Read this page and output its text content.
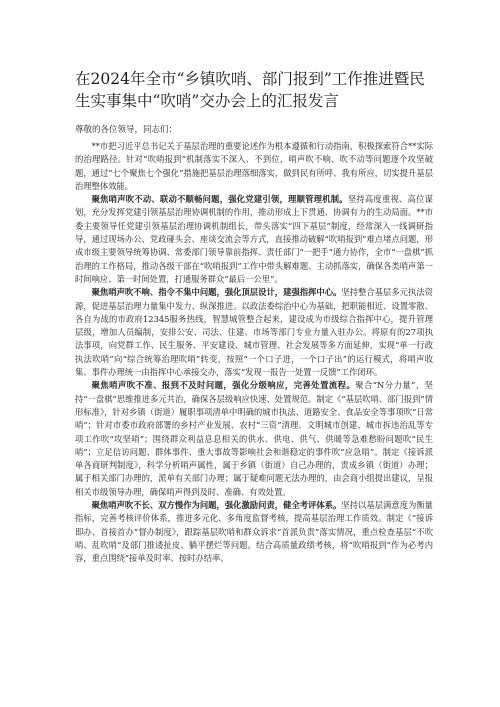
在2024年全市“乡镇吹哨、部门报到”工作推进暨民生实事集中“吹哨”交办会上的汇报发言
尊敬的各位领导，同志们：

**市把习近平总书记关于基层治理的重要论述作为根本遵循和行动指南，积极探索符合**实际的治理路径。针对“吹哨报到”机制落实不深入、不到位，哨声吹不响、吹不动等问题逐个攻坚破题，通过“七个聚焦七个强化”措施把基层治理落细落实，做到民有所呼、我有所应，切实提升基层治理整体效能。

聚焦哨声吹不动、联动不顺畅问题，强化党建引领，理顺管理机制。坚持高度重视、高位谋划，充分发挥党建引领基层治理协调机制的作用，推动形成上下贯通、协调有力的生动局面。**市委主要领导任党建引领基层治理协调机制组长，带头落实“四下基层”制度，经常深入一线调研指导，通过现场办公、党政碰头会、座谈交流会等方式，直接推动破解“吹哨报到”难点堵点问题，形成市级主要领导统筹协调、常委部门领导靠前指挥、责任部门“一把手”通力协作，全市“一盘棋”抓治理的工作格局，推动各级干部在“吹哨报到”工作中带头解难题、主动抓落实，确保各类哨声第一时间响应、第一时间处置，打通服务群众“最后一公里”。

聚焦哨声吹不响、指令不集中问题，强化顶层设计，建强指挥中心。坚持整合基层多元执法资源，促进基层治理力量集中发力、纵深推进。以政法委综治中心为基础，把职能相近、设置零散、各自为战的市政府12345服务热线，智慧城管整合起来，建设成为市级综合指挥中心，提升管理层级，增加人员编制，安排公安、司法、住建、市场等部门专业力量入驻办公。将原有的27项执法事项，向党群工作、民生服务、平安建设、城市管理、社会发展等多方面延伸，实现“单一行政执法吹哨”向“综合统筹治理吹哨”转变，按照“一个口子进，一个口子出”的运行模式，将哨声收集、事件办理统一由指挥中心承接交办，落实“发现一报告一处置一反馈”工作闭环。

聚焦哨声吹不准、报到不及时问题，强化分级响应，完善处置流程。聚合“N分力量”，坚持“一盘棋”思维推进多元共治，确保各层级响应快速、处置规范。制定《“基层吹哨、部门报到”情形标准》，针对乡镇（街道）履职事项清单中明确的城市执法、道路安全、食品安全等事项吹“日常哨”；针对市委市政府部署的乡村产业发展、农村“三资”清理、文明城市创建、城市拆违治乱等专项工作吹“攻坚哨”；围绕群众利益息息相关的供水、供电、供气、供暖等急难愁盼问题吹“民生哨”；立足信访问题、群体事件、重大事故等影响社会和谐稳定的事件吹“应急哨”。制定《接诉派单各商研判制度》，科学分析哨声属性，属于乡镇（街道）自己办理的，责成乡镇（街道）办理；属于相关部门办理的，派单有关部门办理；属于疑难问题无法办理的，由会商小组提出建议，呈报相关市级领导办理，确保哨声得到及时、准确、有效处置。

聚焦哨声吹不长、双方慢作为问题，强化激励问责，健全考评体系。坚持以基层满意度为衡量指标，完善考核评价体系，推进多元化、多角度监督考核，提高基层治理工作质效。制定《“接诉即办、首接首办”督办制度》，跟踪基层吹哨和群众诉求“首派负责”落实情况，重点检查基层“不吹哨、乱吹哨”及部门推诿扯皮、躺平摆烂等问题。结合高质量政绩考核，将“吹哨报到”作为必考内容，重点围绕“接单及时率、按时办结率、
